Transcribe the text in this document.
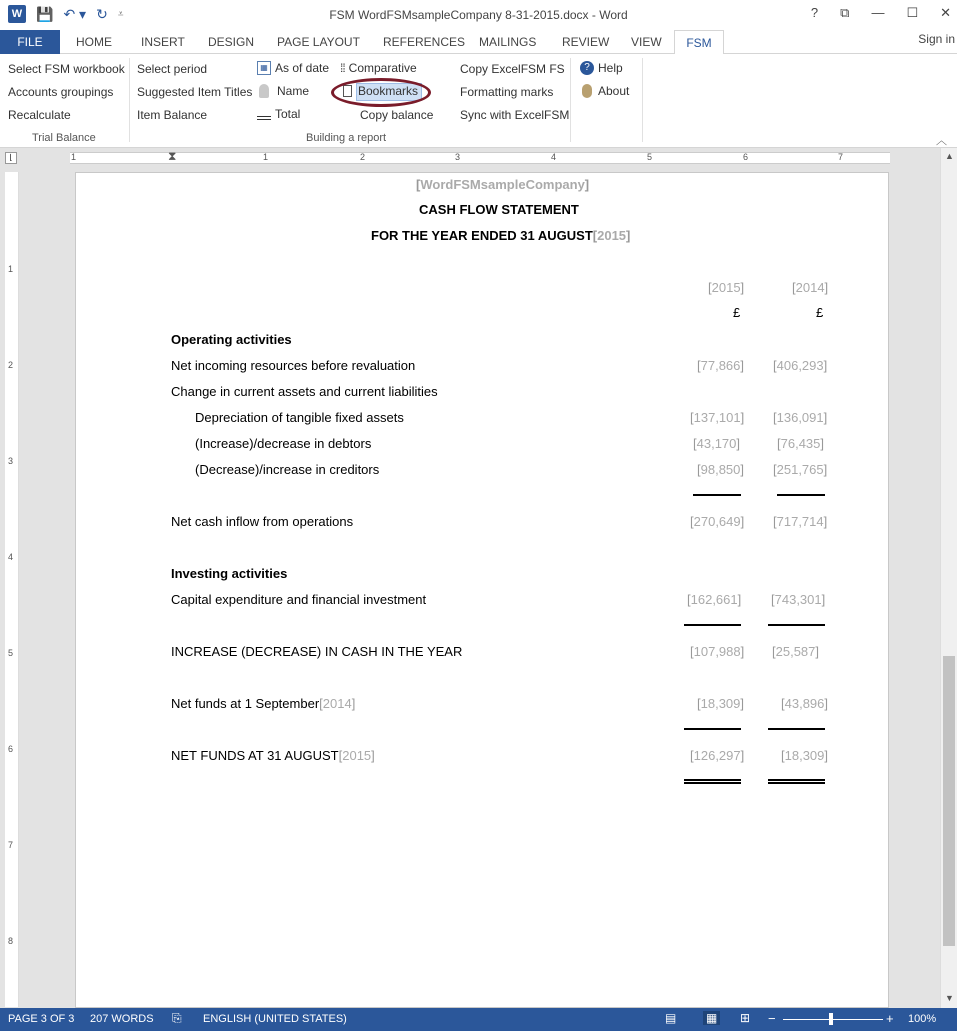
W 💾 ↶ ▾ ↻ ⩡	FSM WordFSMsampleCompany 8-31-2015.docx - Word	? ⧉ — ☐ ✕
FILE	HOME	INSERT	DESIGN	PAGE LAYOUT	REFERENCES	MAILINGS	REVIEW	VIEW	FSM	Sign in
Select FSM workbook
Accounts groupings
Recalculate
Trial Balance
Select period
Suggested Item Titles
Item Balance
▦ As of date
Name
Total
⁞⁞ Comparative
Bookmarks
Copy balance
Copy ExcelFSM FS
Formatting marks
Sync with ExcelFSM
Building a report
? Help
About
︿
⌊	1	⧗	1	2	3	4	5	6	7
1
2
3
4
5
6
7
8
▲
▼
[WordFSMsampleCompany]
CASH FLOW STATEMENT
FOR THE YEAR ENDED 31 AUGUST[2015]
[2015]	[2014]
£	£
Operating activities
Net incoming resources before revaluation	[77,866] [406,293]
Change in current assets and current liabilities
Depreciation of tangible fixed assets	[137,101] [136,091]
(Increase)/decrease in debtors	[43,170]	[76,435]
(Decrease)/increase in creditors	[98,850] [251,765]
Net cash inflow from operations	[270,649] [717,714]
Investing activities
Capital expenditure and financial investment	[162,661] [743,301]
INCREASE (DECREASE) IN CASH IN THE YEAR	[107,988] [25,587]
Net funds at 1 September[2014]	[18,309]	[43,896]
NET FUNDS AT 31 AUGUST[2015]	[126,297]	[18,309]
PAGE 3 OF 3 207 WORDS ⎘ ENGLISH (UNITED STATES)	▤ ▦ ⊞ −	+ 100%
